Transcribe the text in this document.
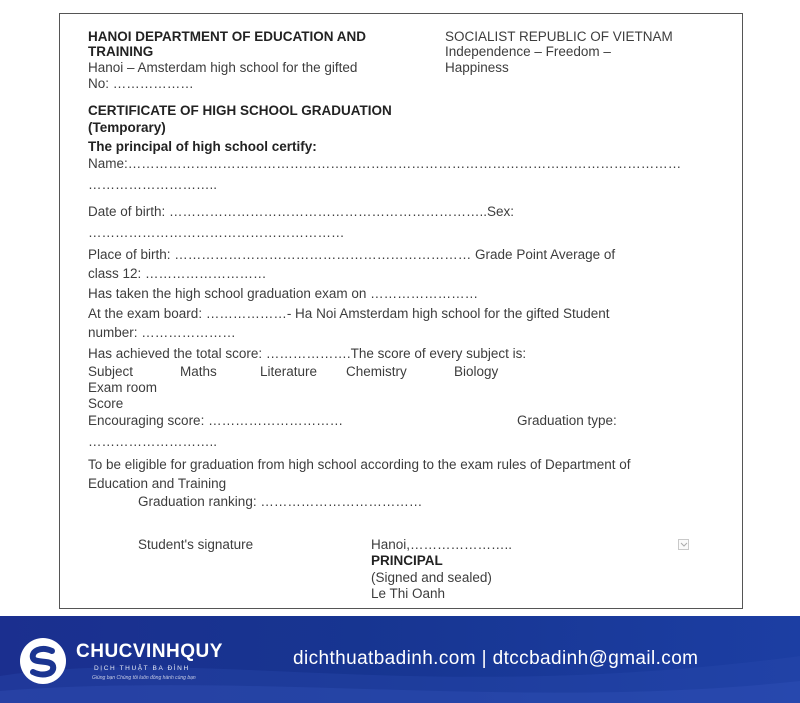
HANOI DEPARTMENT OF EDUCATION AND
TRAINING
Hanoi – Amsterdam high school for the gifted
No: ………………
SOCIALIST REPUBLIC OF VIETNAM
Independence – Freedom –
Happiness
CERTIFICATE OF HIGH SCHOOL GRADUATION
(Temporary)
The principal of high school certify:
Name:……………………………………………………………………………………………………………
………………………..
Date of birth: ……………………………………………………………..Sex:
…………………………………………………
Place of birth: ………………………………………………………… Grade Point Average of
class 12: ………………………
Has taken the high school graduation exam on ……………………
At the exam board: ………………- Ha Noi Amsterdam high school for the gifted Student
number: …………………
Has achieved the total score: ……………….The score of every subject is:
Subject	Maths	Literature Chemistry	Biology
Exam room
Score
Encouraging score: …………………………	Graduation type:
………………………..
To be eligible for graduation from high school according to the exam rules of Department of
Education and Training
Graduation ranking: ………………………………
Student's signature	Hanoi,…………………..
PRINCIPAL
(Signed and sealed)
Le Thi Oanh
CHUCVINHQUY
DỊCH THUẬT BA ĐÌNH
Giúng bạn Chúng tôi luôn đồng hành cùng bạn
dichthuatbadinh.com | dtccbadinh@gmail.com
